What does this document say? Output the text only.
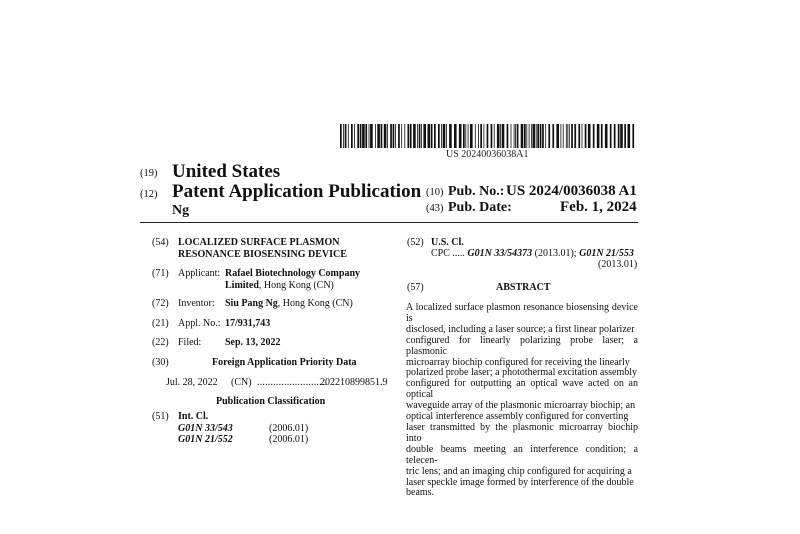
US 20240036038A1
(19) United States
(12) Patent Application Publication
Ng
(10) Pub. No.: US 2024/0036038 A1
(43) Pub. Date:	Feb. 1, 2024
(54) LOCALIZED SURFACE PLASMON
RESONANCE BIOSENSING DEVICE
(71) Applicant: Rafael Biotechnology Company
Limited, Hong Kong (CN)
(72) Inventor: Siu Pang Ng, Hong Kong (CN)
(21) Appl. No.: 17/931,743
(22) Filed: Sep. 13, 2022
(30)	Foreign Application Priority Data
Jul. 28, 2022 (CN) ..........................
202210899851.9
Publication Classification
(51) Int. Cl.
G01N 33/543	(2006.01)
G01N 21/552	(2006.01)
(52) U.S. Cl.
CPC ..... G01N 33/54373 (2013.01); G01N 21/553
(2013.01)
(57)	ABSTRACT
A localized surface plasmon resonance biosensing device is
disclosed, including a laser source; a first linear polarizer
configured for linearly polarizing probe laser; a plasmonic
microarray biochip configured for receiving the linearly
polarized probe laser; a photothermal excitation assembly
configured for outputting an optical wave acted on an optical
waveguide array of the plasmonic microarray biochip; an
optical interference assembly configured for converting
laser transmitted by the plasmonic microarray biochip into
double beams meeting an interference condition; a telecen-
tric lens; and an imaging chip configured for acquiring a
laser speckle image formed by interference of the double
beams.
